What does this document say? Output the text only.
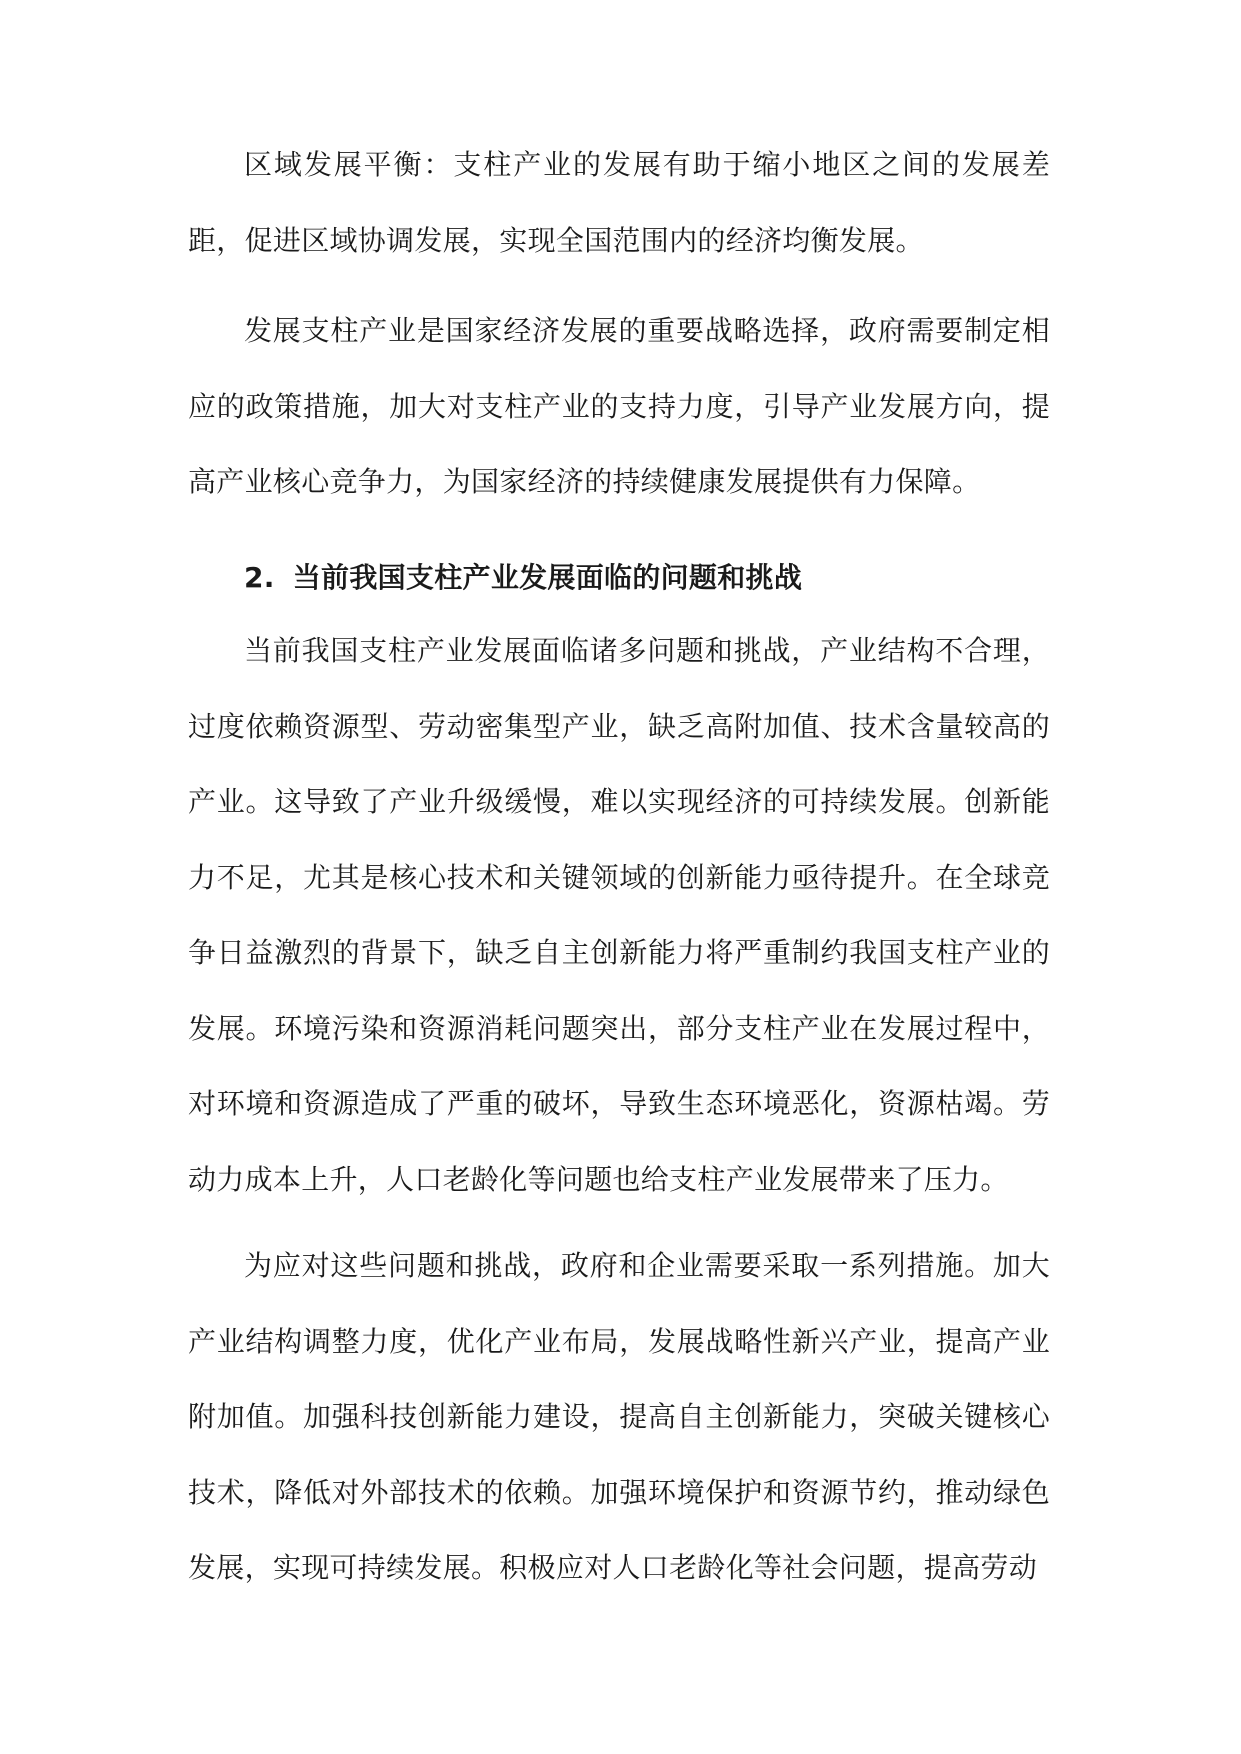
区域发展平衡：支柱产业的发展有助于缩小地区之间的发展差距，促进区域协调发展，实现全国范围内的经济均衡发展。

发展支柱产业是国家经济发展的重要战略选择，政府需要制定相应的政策措施，加大对支柱产业的支持力度，引导产业发展方向，提高产业核心竞争力，为国家经济的持续健康发展提供有力保障。

2. 当前我国支柱产业发展面临的问题和挑战

当前我国支柱产业发展面临诸多问题和挑战，产业结构不合理，过度依赖资源型、劳动密集型产业，缺乏高附加值、技术含量较高的产业。这导致了产业升级缓慢，难以实现经济的可持续发展。创新能力不足，尤其是核心技术和关键领域的创新能力亟待提升。在全球竞争日益激烈的背景下，缺乏自主创新能力将严重制约我国支柱产业的发展。环境污染和资源消耗问题突出，部分支柱产业在发展过程中，对环境和资源造成了严重的破坏，导致生态环境恶化，资源枯竭。劳动力成本上升，人口老龄化等问题也给支柱产业发展带来了压力。

为应对这些问题和挑战，政府和企业需要采取一系列措施。加大产业结构调整力度，优化产业布局，发展战略性新兴产业，提高产业附加值。加强科技创新能力建设，提高自主创新能力，突破关键核心技术，降低对外部技术的依赖。加强环境保护和资源节约，推动绿色发展，实现可持续发展。积极应对人口老龄化等社会问题，提高劳动
